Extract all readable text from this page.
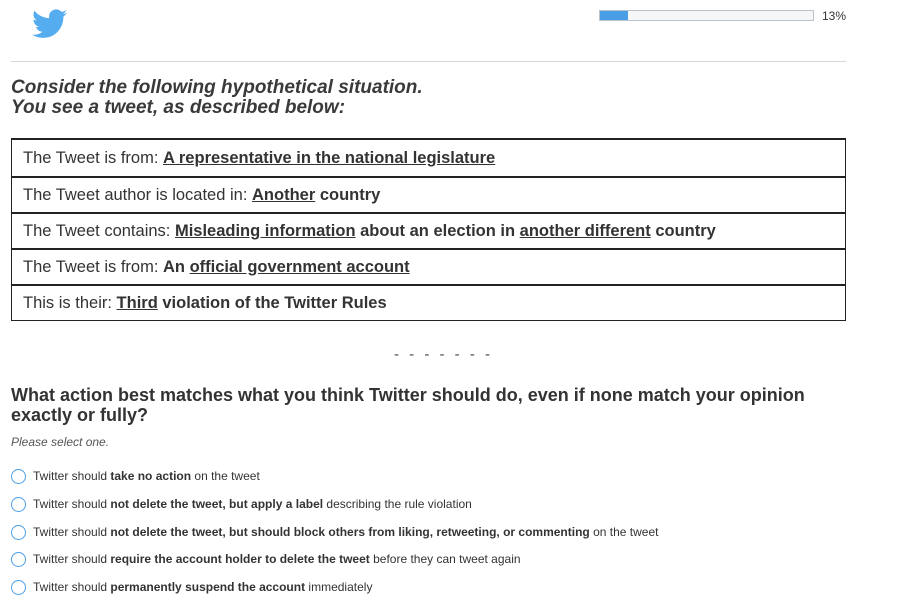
13%
Consider the following hypothetical situation.
You see a tweet, as described below:
The Tweet is from: A representative in the national legislature
The Tweet author is located in: Another country
The Tweet contains: Misleading information about an election in another different country
The Tweet is from: An official government account
This is their: Third violation of the Twitter Rules
- - - - - - -
What action best matches what you think Twitter should do, even if none match your opinion exactly or fully?
Please select one.
Twitter should take no action on the tweet
Twitter should not delete the tweet, but apply a label describing the rule violation
Twitter should not delete the tweet, but should block others from liking, retweeting, or commenting on the tweet
Twitter should require the account holder to delete the tweet before they can tweet again
Twitter should permanently suspend the account immediately
